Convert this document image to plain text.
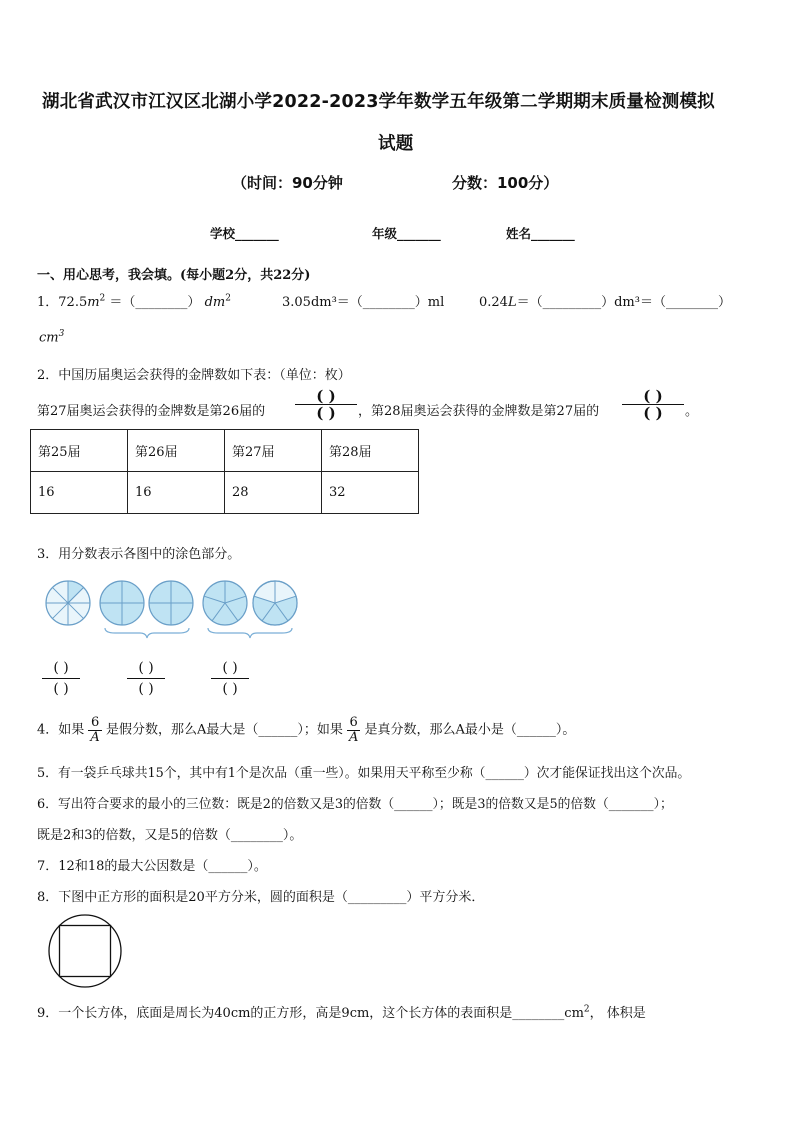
湖北省武汉市江汉区北湖小学2022-2023学年数学五年级第二学期期末质量检测模拟
试题
（时间：90分钟	分数：100分）
学校_______	年级_______	姓名_______
一、用心思考，我会填。(每小题2分，共22分)
1．$72.5m^2$ ＝（________） $dm^2$	3.05dm³＝（________）ml	0.24L＝（_________）dm³＝（________）
$cm^3$
2．中国历届奥运会获得的金牌数如下表：（单位：枚）
第27届奥运会获得的金牌数是第26届的
( )
( )	，第28届奥运会获得的金牌数是第27届的
( )
( )	。
第25届	第26届	第27届	第28届
16	16	28	32
3．用分数表示各图中的涂色部分。
( )
( )
( )
( )
( )
( )
4．如果 $\frac{6}{A}$ 是假分数，那么A最大是（______）；如果 $\frac{6}{A}$ 是真分数，那么A最小是（______）。
5．有一袋乒乓球共15个，其中有1个是次品（重一些）。如果用天平称至少称（______）次才能保证找出这个次品。
6．写出符合要求的最小的三位数：既是2的倍数又是3的倍数（______）；既是3的倍数又是5的倍数（_______）；
既是2和3的倍数，又是5的倍数（________）。
7．12和18的最大公因数是（______）。
8．下图中正方形的面积是20平方分米，圆的面积是（_________）平方分米．
9．一个长方体，底面是周长为40cm的正方形，高是9cm，这个长方体的表面积是$\_\_\_\_\_\_\_\_cm^2$， 体积是
